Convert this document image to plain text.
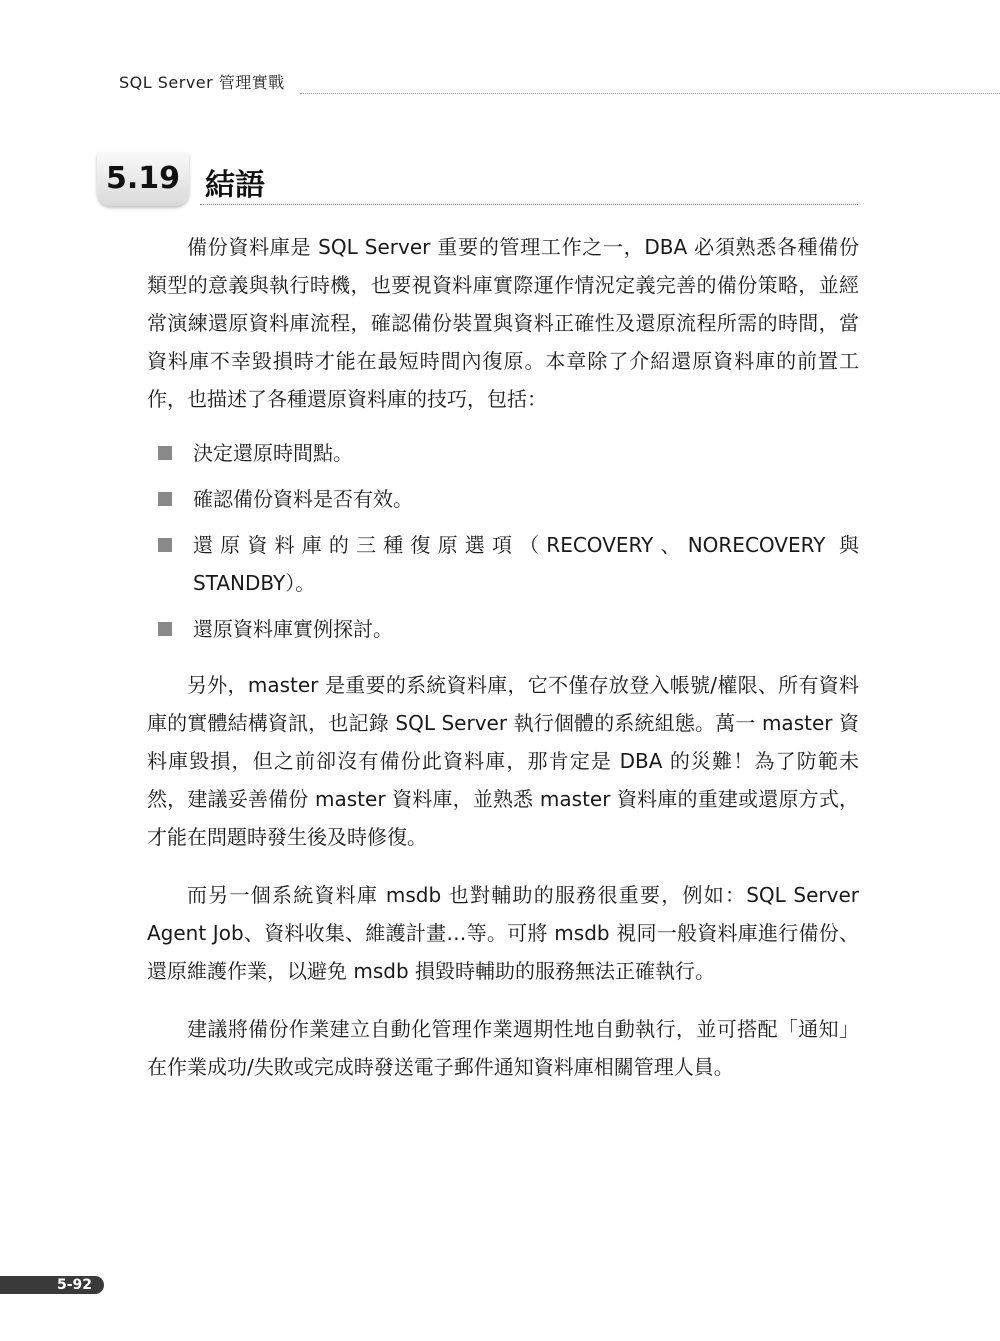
SQL Server 管理實戰
5.19 結語

備份資料庫是 SQL Server 重要的管理工作之一，DBA 必須熟悉各種備份類型的意義與執行時機，也要視資料庫實際運作情況定義完善的備份策略，並經常演練還原資料庫流程，確認備份裝置與資料正確性及還原流程所需的時間，當資料庫不幸毀損時才能在最短時間內復原。本章除了介紹還原資料庫的前置工作，也描述了各種還原資料庫的技巧，包括：

決定還原時間點。
確認備份資料是否有效。
還原資料庫的三種復原選項（RECOVERY、NORECOVERY 與 STANDBY）。
還原資料庫實例探討。

另外，master 是重要的系統資料庫，它不僅存放登入帳號/權限、所有資料庫的實體結構資訊，也記錄 SQL Server 執行個體的系統組態。萬一 master 資料庫毀損，但之前卻沒有備份此資料庫，那肯定是 DBA 的災難！為了防範未然，建議妥善備份 master 資料庫，並熟悉 master 資料庫的重建或還原方式，才能在問題時發生後及時修復。

而另一個系統資料庫 msdb 也對輔助的服務很重要，例如：SQL Server Agent Job、資料收集、維護計畫…等。可將 msdb 視同一般資料庫進行備份、還原維護作業，以避免 msdb 損毀時輔助的服務無法正確執行。

建議將備份作業建立自動化管理作業週期性地自動執行，並可搭配「通知」在作業成功/失敗或完成時發送電子郵件通知資料庫相關管理人員。

5-92
